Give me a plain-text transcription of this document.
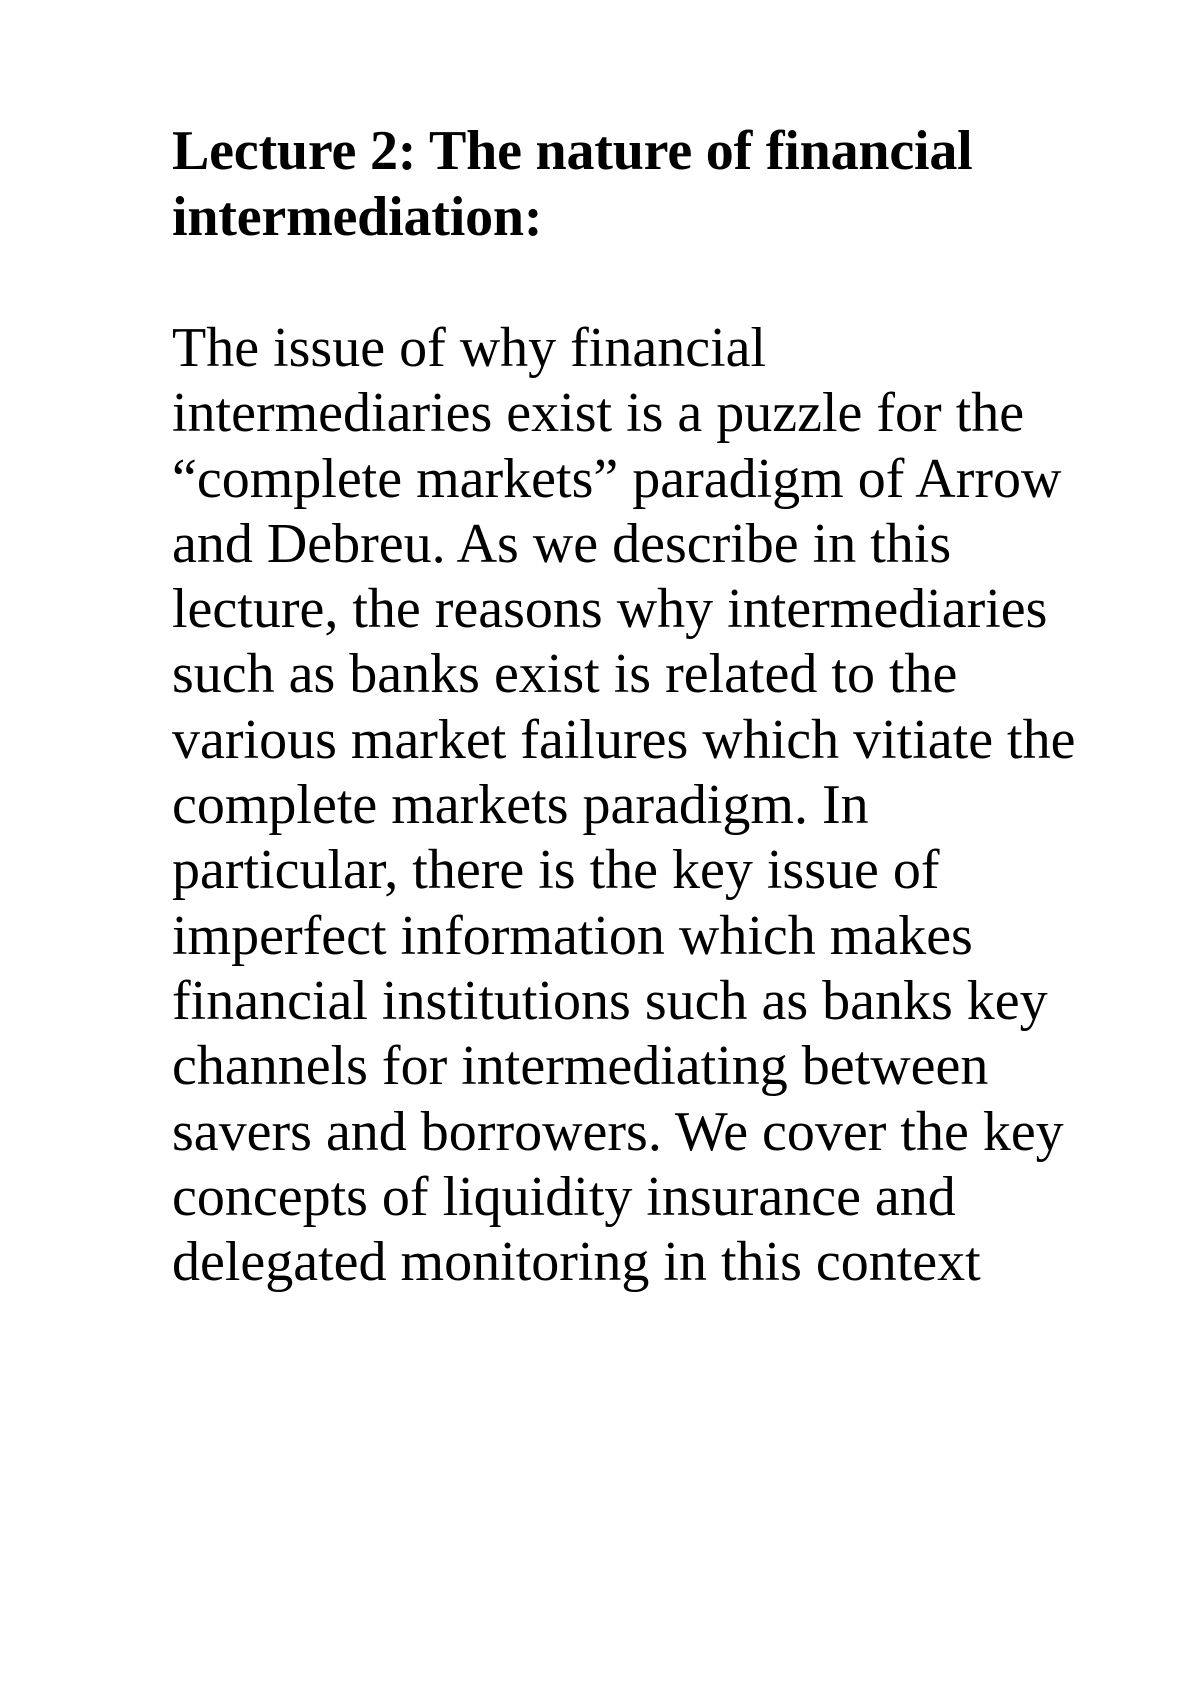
Lecture 2: The nature of financial
intermediation:

The issue of why financial
intermediaries exist is a puzzle for the
“complete markets” paradigm of Arrow
and Debreu. As we describe in this
lecture, the reasons why intermediaries
such as banks exist is related to the
various market failures which vitiate the
complete markets paradigm. In
particular, there is the key issue of
imperfect information which makes
financial institutions such as banks key
channels for intermediating between
savers and borrowers. We cover the key
concepts of liquidity insurance and
delegated monitoring in this context
